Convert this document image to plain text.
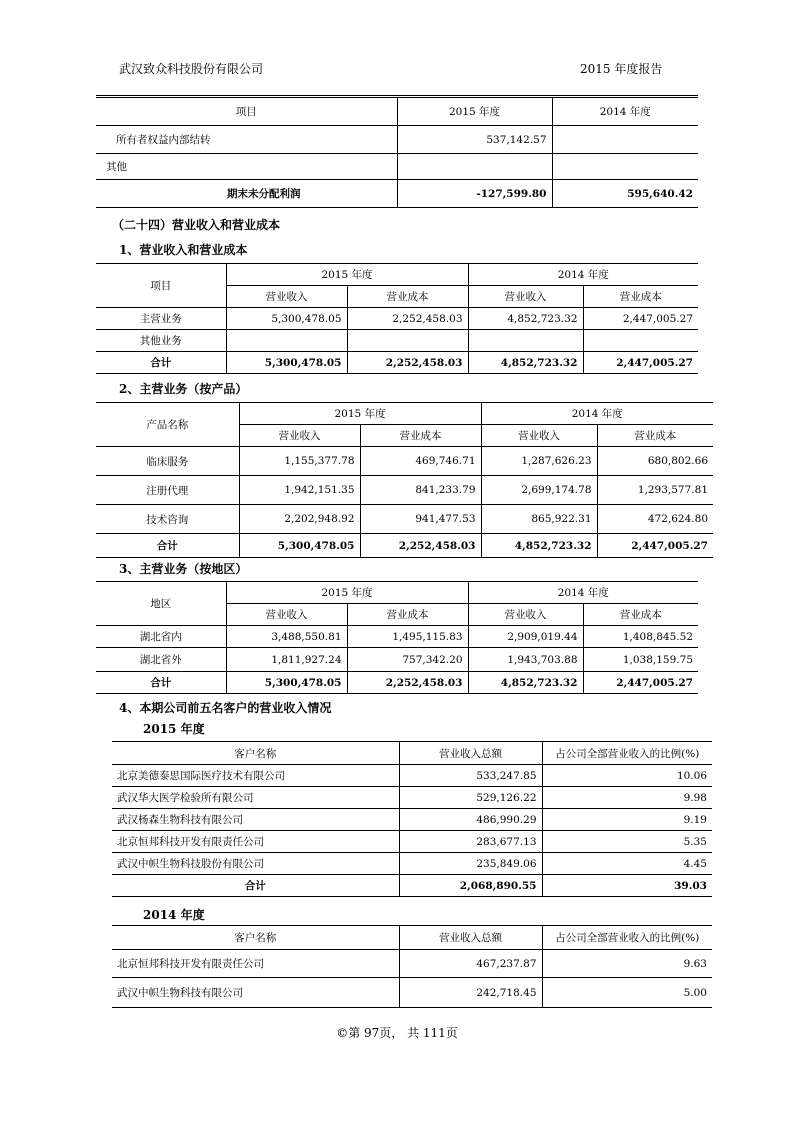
武汉致众科技股份有限公司	2015 年度报告
项目	2015 年度	2014 年度
所有者权益内部结转	537,142.57	
其他		
期末未分配利润	-127,599.80	595,640.42
（二十四）营业收入和营业成本
1、营业收入和营业成本
项目	2015 年度		2014 年度	
	营业收入	营业成本	营业收入	营业成本
主营业务	5,300,478.05	2,252,458.03	4,852,723.32	2,447,005.27
其他业务				
合计	5,300,478.05	2,252,458.03	4,852,723.32	2,447,005.27
2、主营业务（按产品）
产品名称	2015 年度		2014 年度	
	营业收入	营业成本	营业收入	营业成本
临床服务	1,155,377.78	469,746.71	1,287,626.23	680,802.66
注册代理	1,942,151.35	841,233.79	2,699,174.78	1,293,577.81
技术咨询	2,202,948.92	941,477.53	865,922.31	472,624.80
合计	5,300,478.05	2,252,458.03	4,852,723.32	2,447,005.27
3、主营业务（按地区）
地区	2015 年度		2014 年度	
	营业收入	营业成本	营业收入	营业成本
湖北省内	3,488,550.81	1,495,115.83	2,909,019.44	1,408,845.52
湖北省外	1,811,927.24	757,342.20	1,943,703.88	1,038,159.75
合计	5,300,478.05	2,252,458.03	4,852,723.32	2,447,005.27
4、本期公司前五名客户的营业收入情况
2015 年度
客户名称	营业收入总额	占公司全部营业收入的比例(%)
北京美德泰思国际医疗技术有限公司	533,247.85	10.06
武汉华大医学检验所有限公司	529,126.22	9.98
武汉杨森生物科技有限公司	486,990.29	9.19
北京恒邦科技开发有限责任公司	283,677.13	5.35
武汉中帜生物科技股份有限公司	235,849.06	4.45
合计	2,068,890.55	39.03
2014 年度
客户名称	营业收入总额	占公司全部营业收入的比例(%)
北京恒邦科技开发有限责任公司	467,237.87	9.63
武汉中帜生物科技有限公司	242,718.45	5.00
©第 97页， 共 111页
